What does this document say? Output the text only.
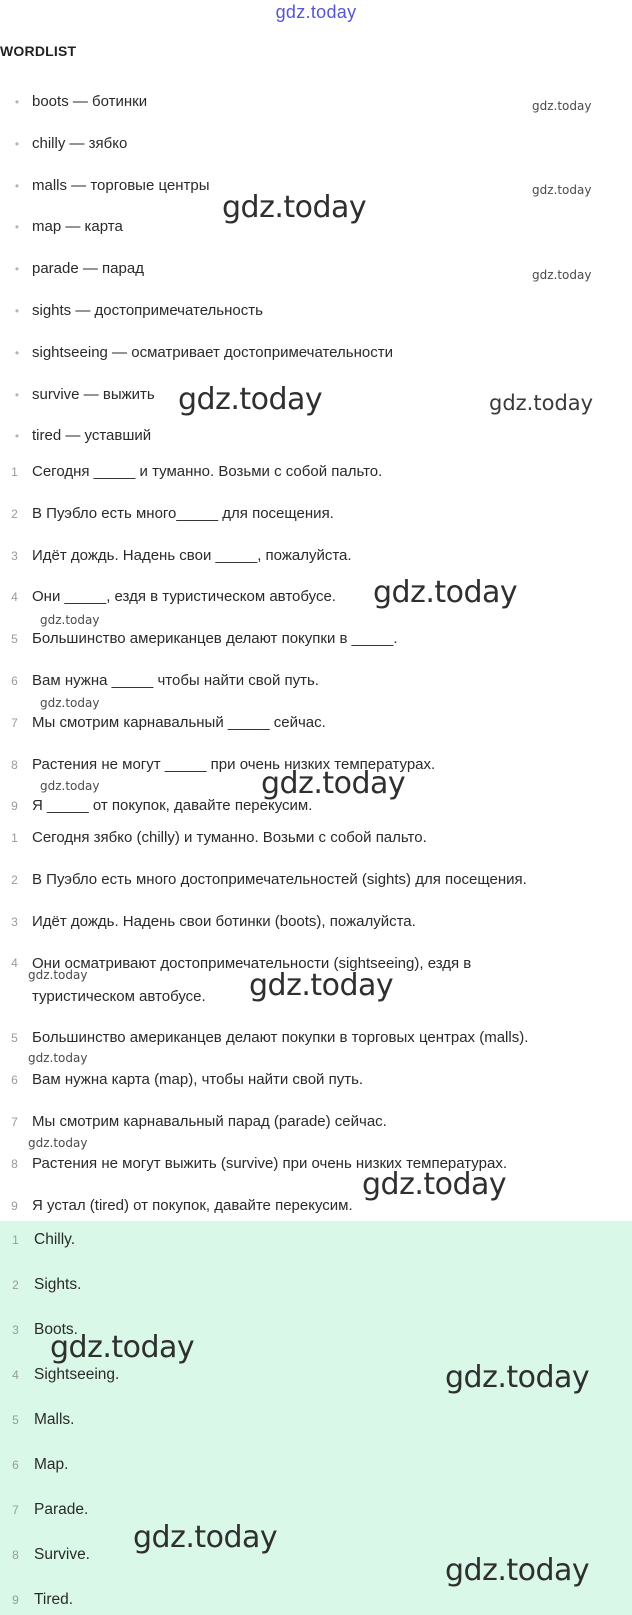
gdz.today
WORDLIST
• boots — ботинки
• chilly — зябко
• malls — торговые центры
• map — карта
• parade — парад
• sights — достопримечательность
• sightseeing — осматривает достопримечательности
• survive — выжить
• tired — уставший
1 Сегодня _____ и туманно. Возьми с собой пальто.
2 В Пуэбло есть много_____ для посещения.
3 Идёт дождь. Надень свои _____, пожалуйста.
4 Они _____, ездя в туристическом автобусе.
5 Большинство американцев делают покупки в _____.
6 Вам нужна _____ чтобы найти свой путь.
7 Мы смотрим карнавальный _____ сейчас.
8 Растения не могут _____ при очень низких температурах.
9 Я _____ от покупок, давайте перекусим.
1 Сегодня зябко (chilly) и туманно. Возьми с собой пальто.
2 В Пуэбло есть много достопримечательностей (sights) для посещения.
3 Идёт дождь. Надень свои ботинки (boots), пожалуйста.
4 Они осматривают достопримечательности (sightseeing), ездя в туристическом автобусе.
5 Большинство американцев делают покупки в торговых центрах (malls).
6 Вам нужна карта (map), чтобы найти свой путь.
7 Мы смотрим карнавальный парад (parade) сейчас.
8 Растения не могут выжить (survive) при очень низких температурах.
9 Я устал (tired) от покупок, давайте перекусим.
1 Chilly.
2 Sights.
3 Boots.
4 Sightseeing.
5 Malls.
6 Map.
7 Parade.
8 Survive.
9 Tired.
gdz.today
gdz.today
gdz.today
gdz.today
gdz.today	gdz.today
gdz.today
gdz.today
gdz.today
gdz.today
gdz.today
gdz.today	gdz.today
gdz.today
gdz.today
gdz.today
gdz.today
gdz.today
gdz.today
gdz.today
